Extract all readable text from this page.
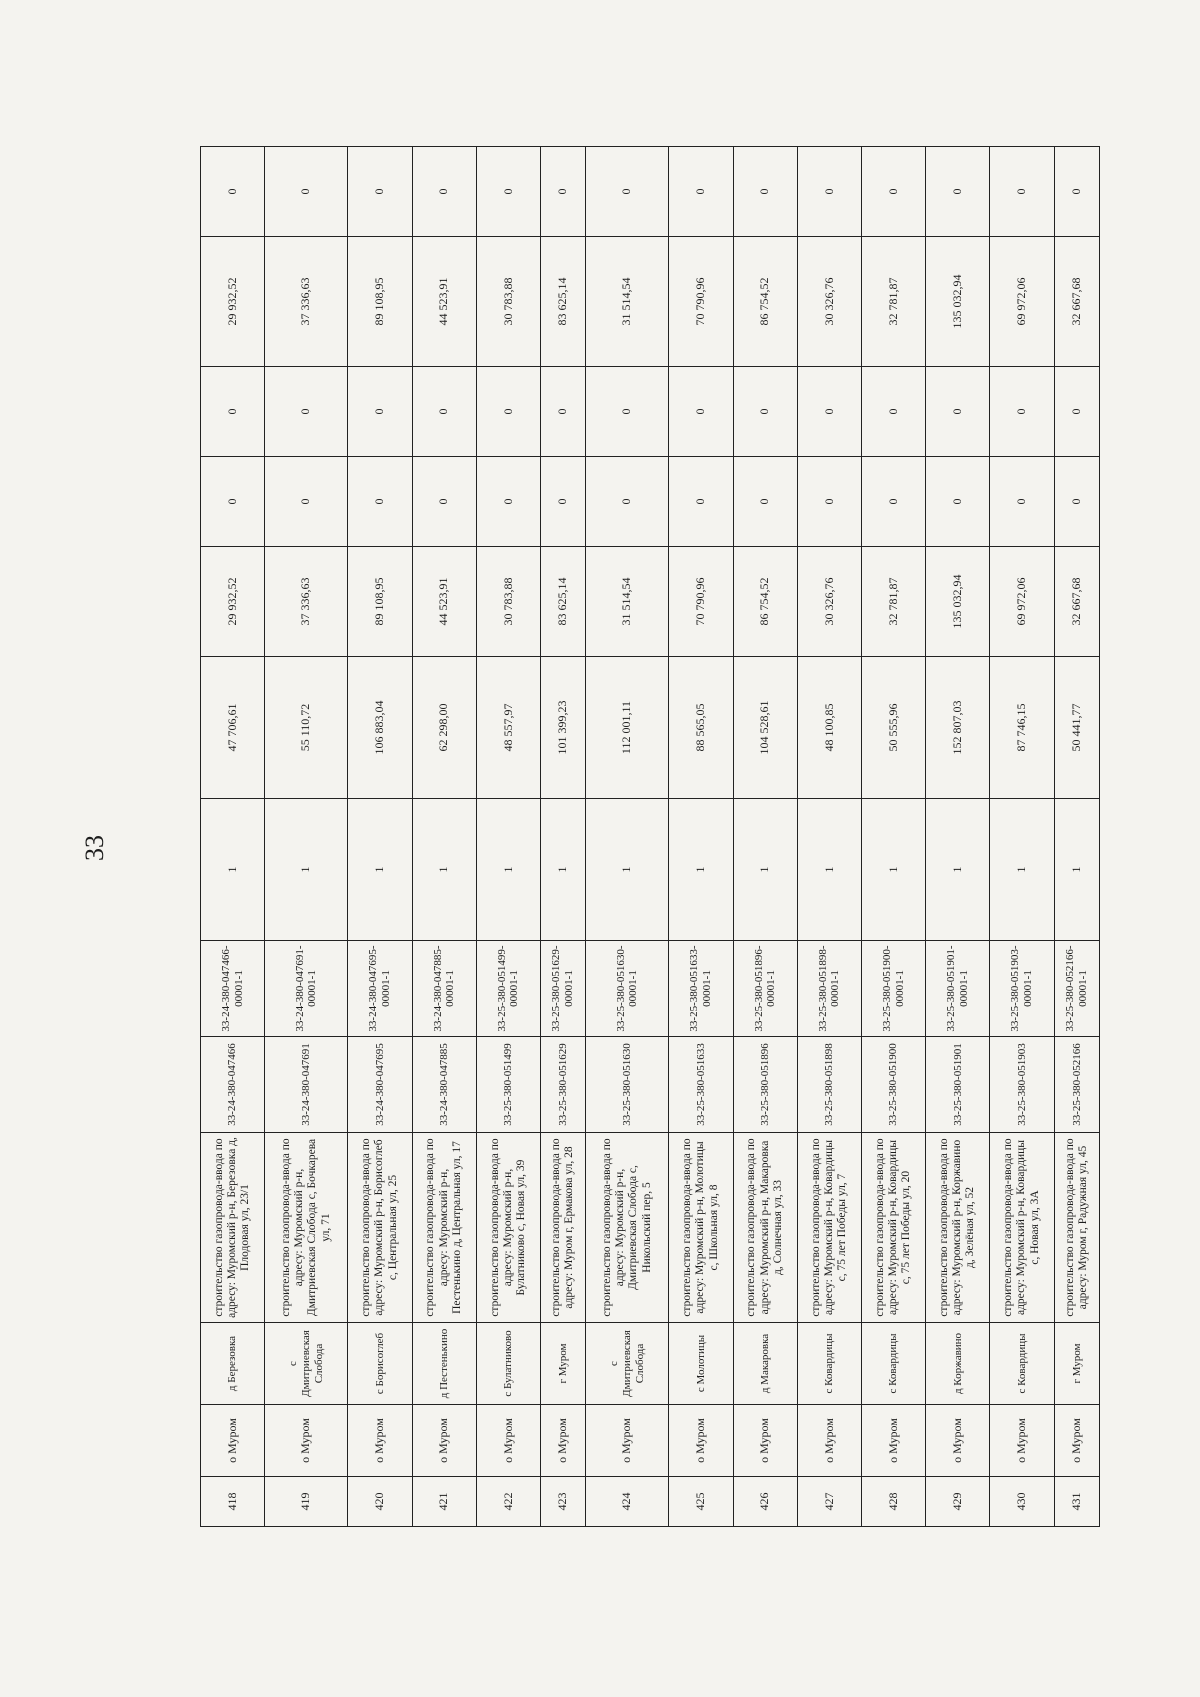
33
418	о Муром	д Березовка	строительство газопровода-ввода по адресу: Муромский р-н, Березовка д, Плодовая ул, 23/1	33-24-380-047466	33-24-380-047466-00001-1	1	47 706,61	29 932,52	0	0	29 932,52	0
419	о Муром	с Дмитриевская Слобода	строительство газопровода-ввода по адресу: Муромский р-н, Дмитриевская Слобода с, Бочкарева ул, 71	33-24-380-047691	33-24-380-047691-00001-1	1	55 110,72	37 336,63	0	0	37 336,63	0
420	о Муром	с Борисоглеб	строительство газопровода-ввода по адресу: Муромский р-н, Борисоглеб с, Центральная ул, 25	33-24-380-047695	33-24-380-047695-00001-1	1	106 883,04	89 108,95	0	0	89 108,95	0
421	о Муром	д Пестенькино	строительство газопровода-ввода по адресу: Муромский р-н, Пестенькино д, Центральная ул, 17	33-24-380-047885	33-24-380-047885-00001-1	1	62 298,00	44 523,91	0	0	44 523,91	0
422	о Муром	с Булатниково	строительство газопровода-ввода по адресу: Муромский р-н, Булатниково с, Новая ул, 39	33-25-380-051499	33-25-380-051499-00001-1	1	48 557,97	30 783,88	0	0	30 783,88	0
423	о Муром	г Муром	строительство газопровода-ввода по адресу: Муром г, Ермакова ул, 28	33-25-380-051629	33-25-380-051629-00001-1	1	101 399,23	83 625,14	0	0	83 625,14	0
424	о Муром	с Дмитриевская Слобода	строительство газопровода-ввода по адресу: Муромский р-н, Дмитриевская Слобода с, Никольский пер, 5	33-25-380-051630	33-25-380-051630-00001-1	1	112 001,11	31 514,54	0	0	31 514,54	0
425	о Муром	с Молотицы	строительство газопровода-ввода по адресу: Муромский р-н, Молотицы с, Школьная ул, 8	33-25-380-051633	33-25-380-051633-00001-1	1	88 565,05	70 790,96	0	0	70 790,96	0
426	о Муром	д Макаровка	строительство газопровода-ввода по адресу: Муромский р-н, Макаровка д, Солнечная ул, 33	33-25-380-051896	33-25-380-051896-00001-1	1	104 528,61	86 754,52	0	0	86 754,52	0
427	о Муром	с Ковардицы	строительство газопровода-ввода по адресу: Муромский р-н, Ковардицы с, 75 лет Победы ул, 7	33-25-380-051898	33-25-380-051898-00001-1	1	48 100,85	30 326,76	0	0	30 326,76	0
428	о Муром	с Ковардицы	строительство газопровода-ввода по адресу: Муромский р-н, Ковардицы с, 75 лет Победы ул, 20	33-25-380-051900	33-25-380-051900-00001-1	1	50 555,96	32 781,87	0	0	32 781,87	0
429	о Муром	д Коржавино	строительство газопровода-ввода по адресу: Муромский р-н, Коржавино д, Зелёная ул, 52	33-25-380-051901	33-25-380-051901-00001-1	1	152 807,03	135 032,94	0	0	135 032,94	0
430	о Муром	с Ковардицы	строительство газопровода-ввода по адресу: Муромский р-н, Ковардицы с, Новая ул, 3А	33-25-380-051903	33-25-380-051903-00001-1	1	87 746,15	69 972,06	0	0	69 972,06	0
431	о Муром	г Муром	строительство газопровода-ввода по адресу: Муром г, Радужная ул, 45	33-25-380-052166	33-25-380-052166-00001-1	1	50 441,77	32 667,68	0	0	32 667,68	0
